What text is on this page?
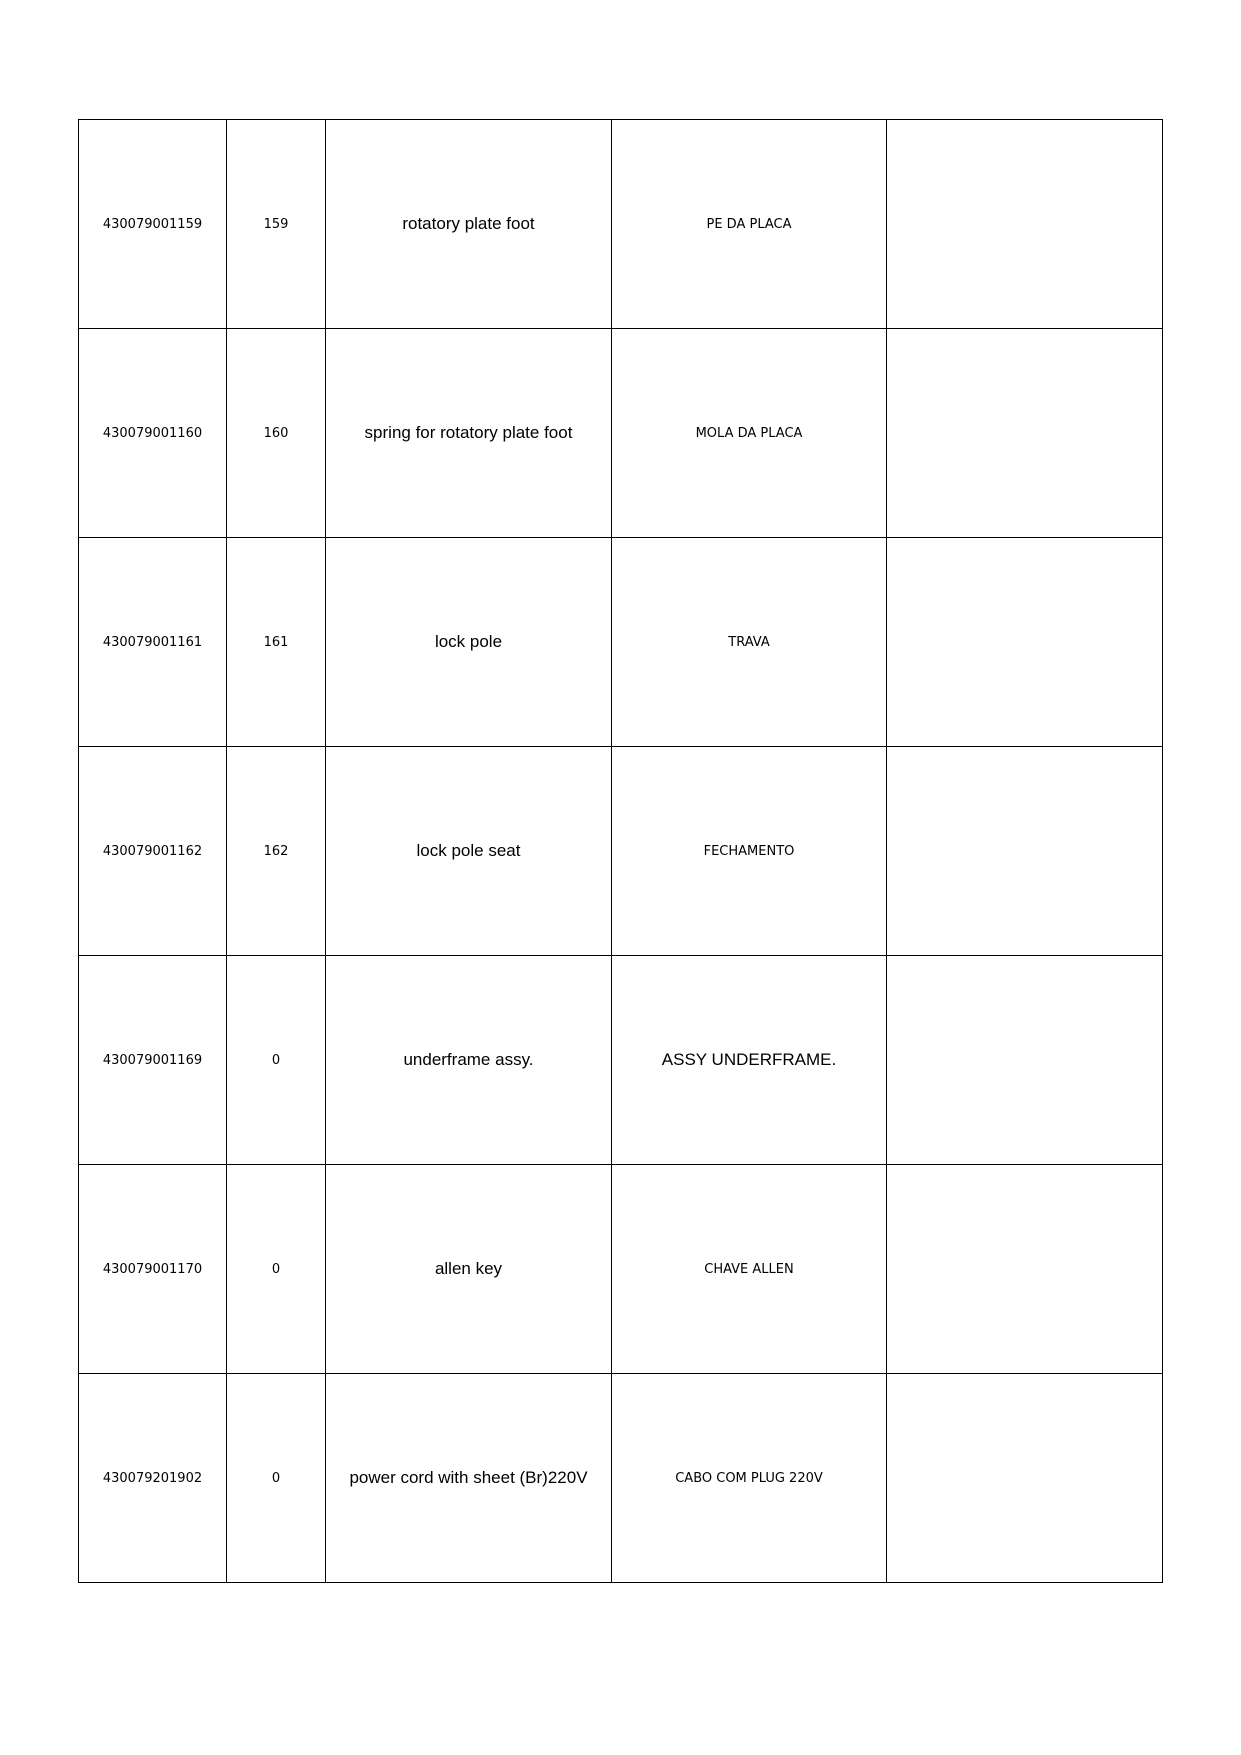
430079001159	159	rotatory plate foot	PE DA PLACA	
430079001160	160	spring for rotatory plate foot	MOLA DA PLACA	
430079001161	161	lock pole	TRAVA	
430079001162	162	lock pole seat	FECHAMENTO	
430079001169	0	underframe assy.	ASSY UNDERFRAME.	
430079001170	0	allen key	CHAVE ALLEN	
430079201902	0	power cord with sheet (Br)220V	CABO COM PLUG 220V	
